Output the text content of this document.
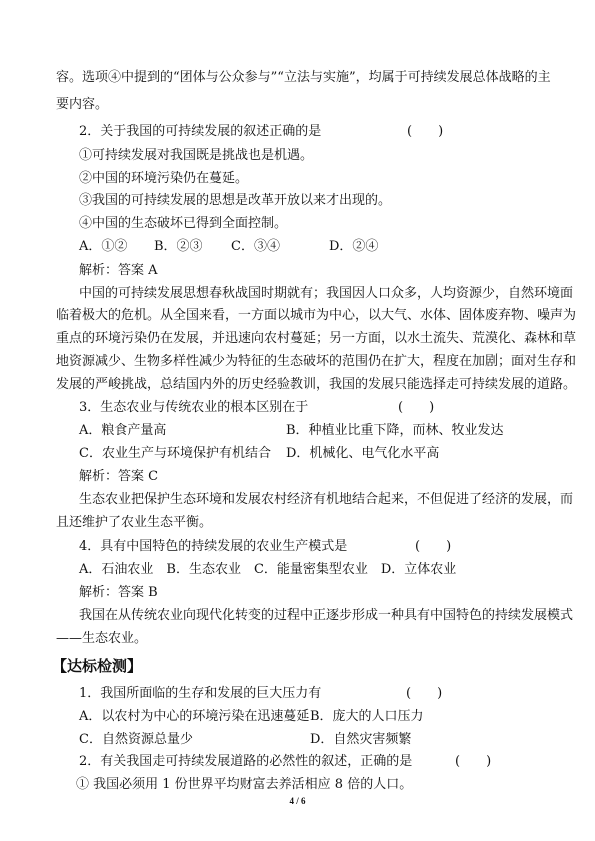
容。选项④中提到的“团体与公众参与”“立法与实施”，均属于可持续发展总体战略的主
要内容。
2．关于我国的可持续发展的叙述正确的是	(　　)
①可持续发展对我国既是挑战也是机遇。
②中国的环境污染仍在蔓延。
③我国的可持续发展的思想是改革开放以来才出现的。
④中国的生态破坏已得到全面控制。
A．①② B．②③ C．③④	D．②④
解析：答案 A
中国的可持续发展思想春秋战国时期就有；我国因人口众多，人均资源少，自然环境面
临着极大的危机。从全国来看，一方面以城市为中心，以大气、水体、固体废弃物、噪声为
重点的环境污染仍在发展，并迅速向农村蔓延；另一方面，以水土流失、荒漠化、森林和草
地资源减少、生物多样性减少为特征的生态破坏的范围仍在扩大，程度在加剧；面对生存和
发展的严峻挑战，总结国内外的历史经验教训，我国的发展只能选择走可持续发展的道路。
3．生态农业与传统农业的根本区别在于	(　　)
A．粮食产量高	B．种植业比重下降，而林、牧业发达
C．农业生产与环境保护有机结合 D．机械化、电气化水平高
解析：答案 C
生态农业把保护生态环境和发展农村经济有机地结合起来，不但促进了经济的发展，而
且还维护了农业生态平衡。
4．具有中国特色的持续发展的农业生产模式是	(　　)
A．石油农业　B．生态农业　C．能量密集型农业　D．立体农业
解析：答案 B
我国在从传统农业向现代化转变的过程中正逐步形成一种具有中国特色的持续发展模式
——生态农业。
【达标检测】
1．我国所面临的生存和发展的巨大压力有	(　　)
A．以农村为中心的环境污染在迅速蔓延 B．庞大的人口压力
C．自然资源总量少	D．自然灾害频繁
2．有关我国走可持续发展道路的必然性的叙述，正确的是	(　　)
① 我国必须用 1 份世界平均财富去养活相应 8 倍的人口。
4 / 6
